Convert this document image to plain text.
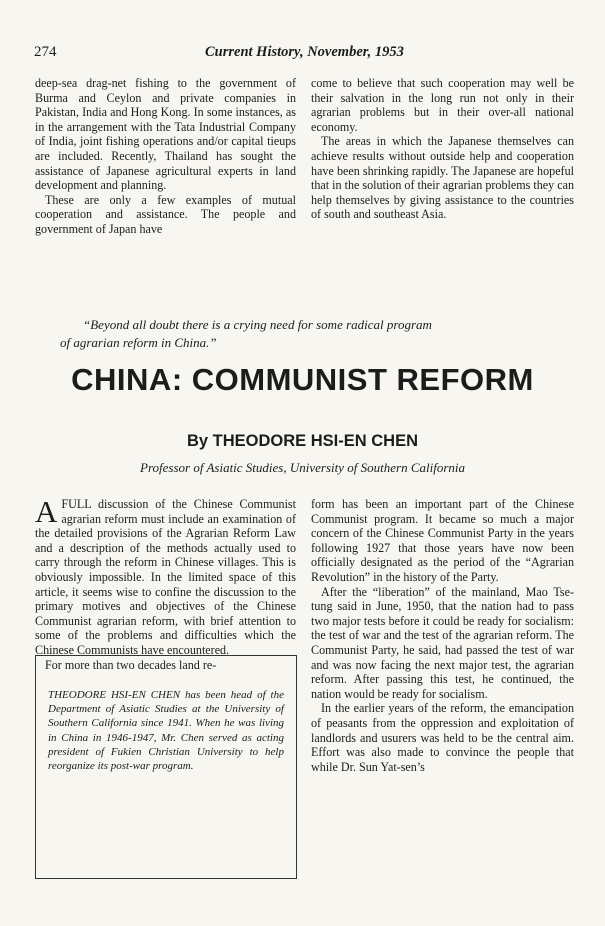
274	Current History, November, 1953

deep-sea drag-net fishing to the government of Burma and Ceylon and private companies in Pakistan, India and Hong Kong. In some instances, as in the arrangement with the Tata Industrial Company of India, joint fishing operations and/or capital tieups are included. Recently, Thailand has sought the assistance of Japanese agricultural experts in land development and planning.

These are only a few examples of mutual cooperation and assistance. The people and government of Japan have

come to believe that such cooperation may well be their salvation in the long run not only in their agrarian problems but in their over-all national economy.

The areas in which the Japanese themselves can achieve results without outside help and cooperation have been shrinking rapidly. The Japanese are hopeful that in the solution of their agrarian problems they can help themselves by giving assistance to the countries of south and southeast Asia.

“Beyond all doubt there is a crying need for some radical program
of agrarian reform in China.”
CHINA: COMMUNIST REFORM
By THEODORE HSI-EN CHEN
Professor of Asiatic Studies, University of Southern California

AFULL discussion of the Chinese Communist agrarian reform must include an examination of the detailed provisions of the Agrarian Reform Law and a description of the methods actually used to carry through the reform in Chinese villages. This is obviously impossible. In the limited space of this article, it seems wise to confine the discussion to the primary motives and objectives of the Chinese Communist agrarian reform, with brief attention to some of the problems and difficulties which the Chinese Communists have encountered.

For more than two decades land re-

THEODORE HSI-EN CHEN has been head of the Department of Asiatic Studies at the University of Southern California since 1941. When he was living in China in 1946-1947, Mr. Chen served as acting president of Fukien Christian University to help reorganize its post-war program.

form has been an important part of the Chinese Communist program. It became so much a major concern of the Chinese Communist Party in the years following 1927 that those years have now been officially designated as the period of the “Agrarian Revolution” in the history of the Party.

After the “liberation” of the mainland, Mao Tse-tung said in June, 1950, that the nation had to pass two major tests before it could be ready for socialism: the test of war and the test of the agrarian reform. The Communist Party, he said, had passed the test of war and was now facing the next major test, the agrarian reform. After passing this test, he continued, the nation would be ready for socialism.

In the earlier years of the reform, the emancipation of peasants from the oppression and exploitation of landlords and usurers was held to be the central aim. Effort was also made to convince the people that while Dr. Sun Yat-sen’s
